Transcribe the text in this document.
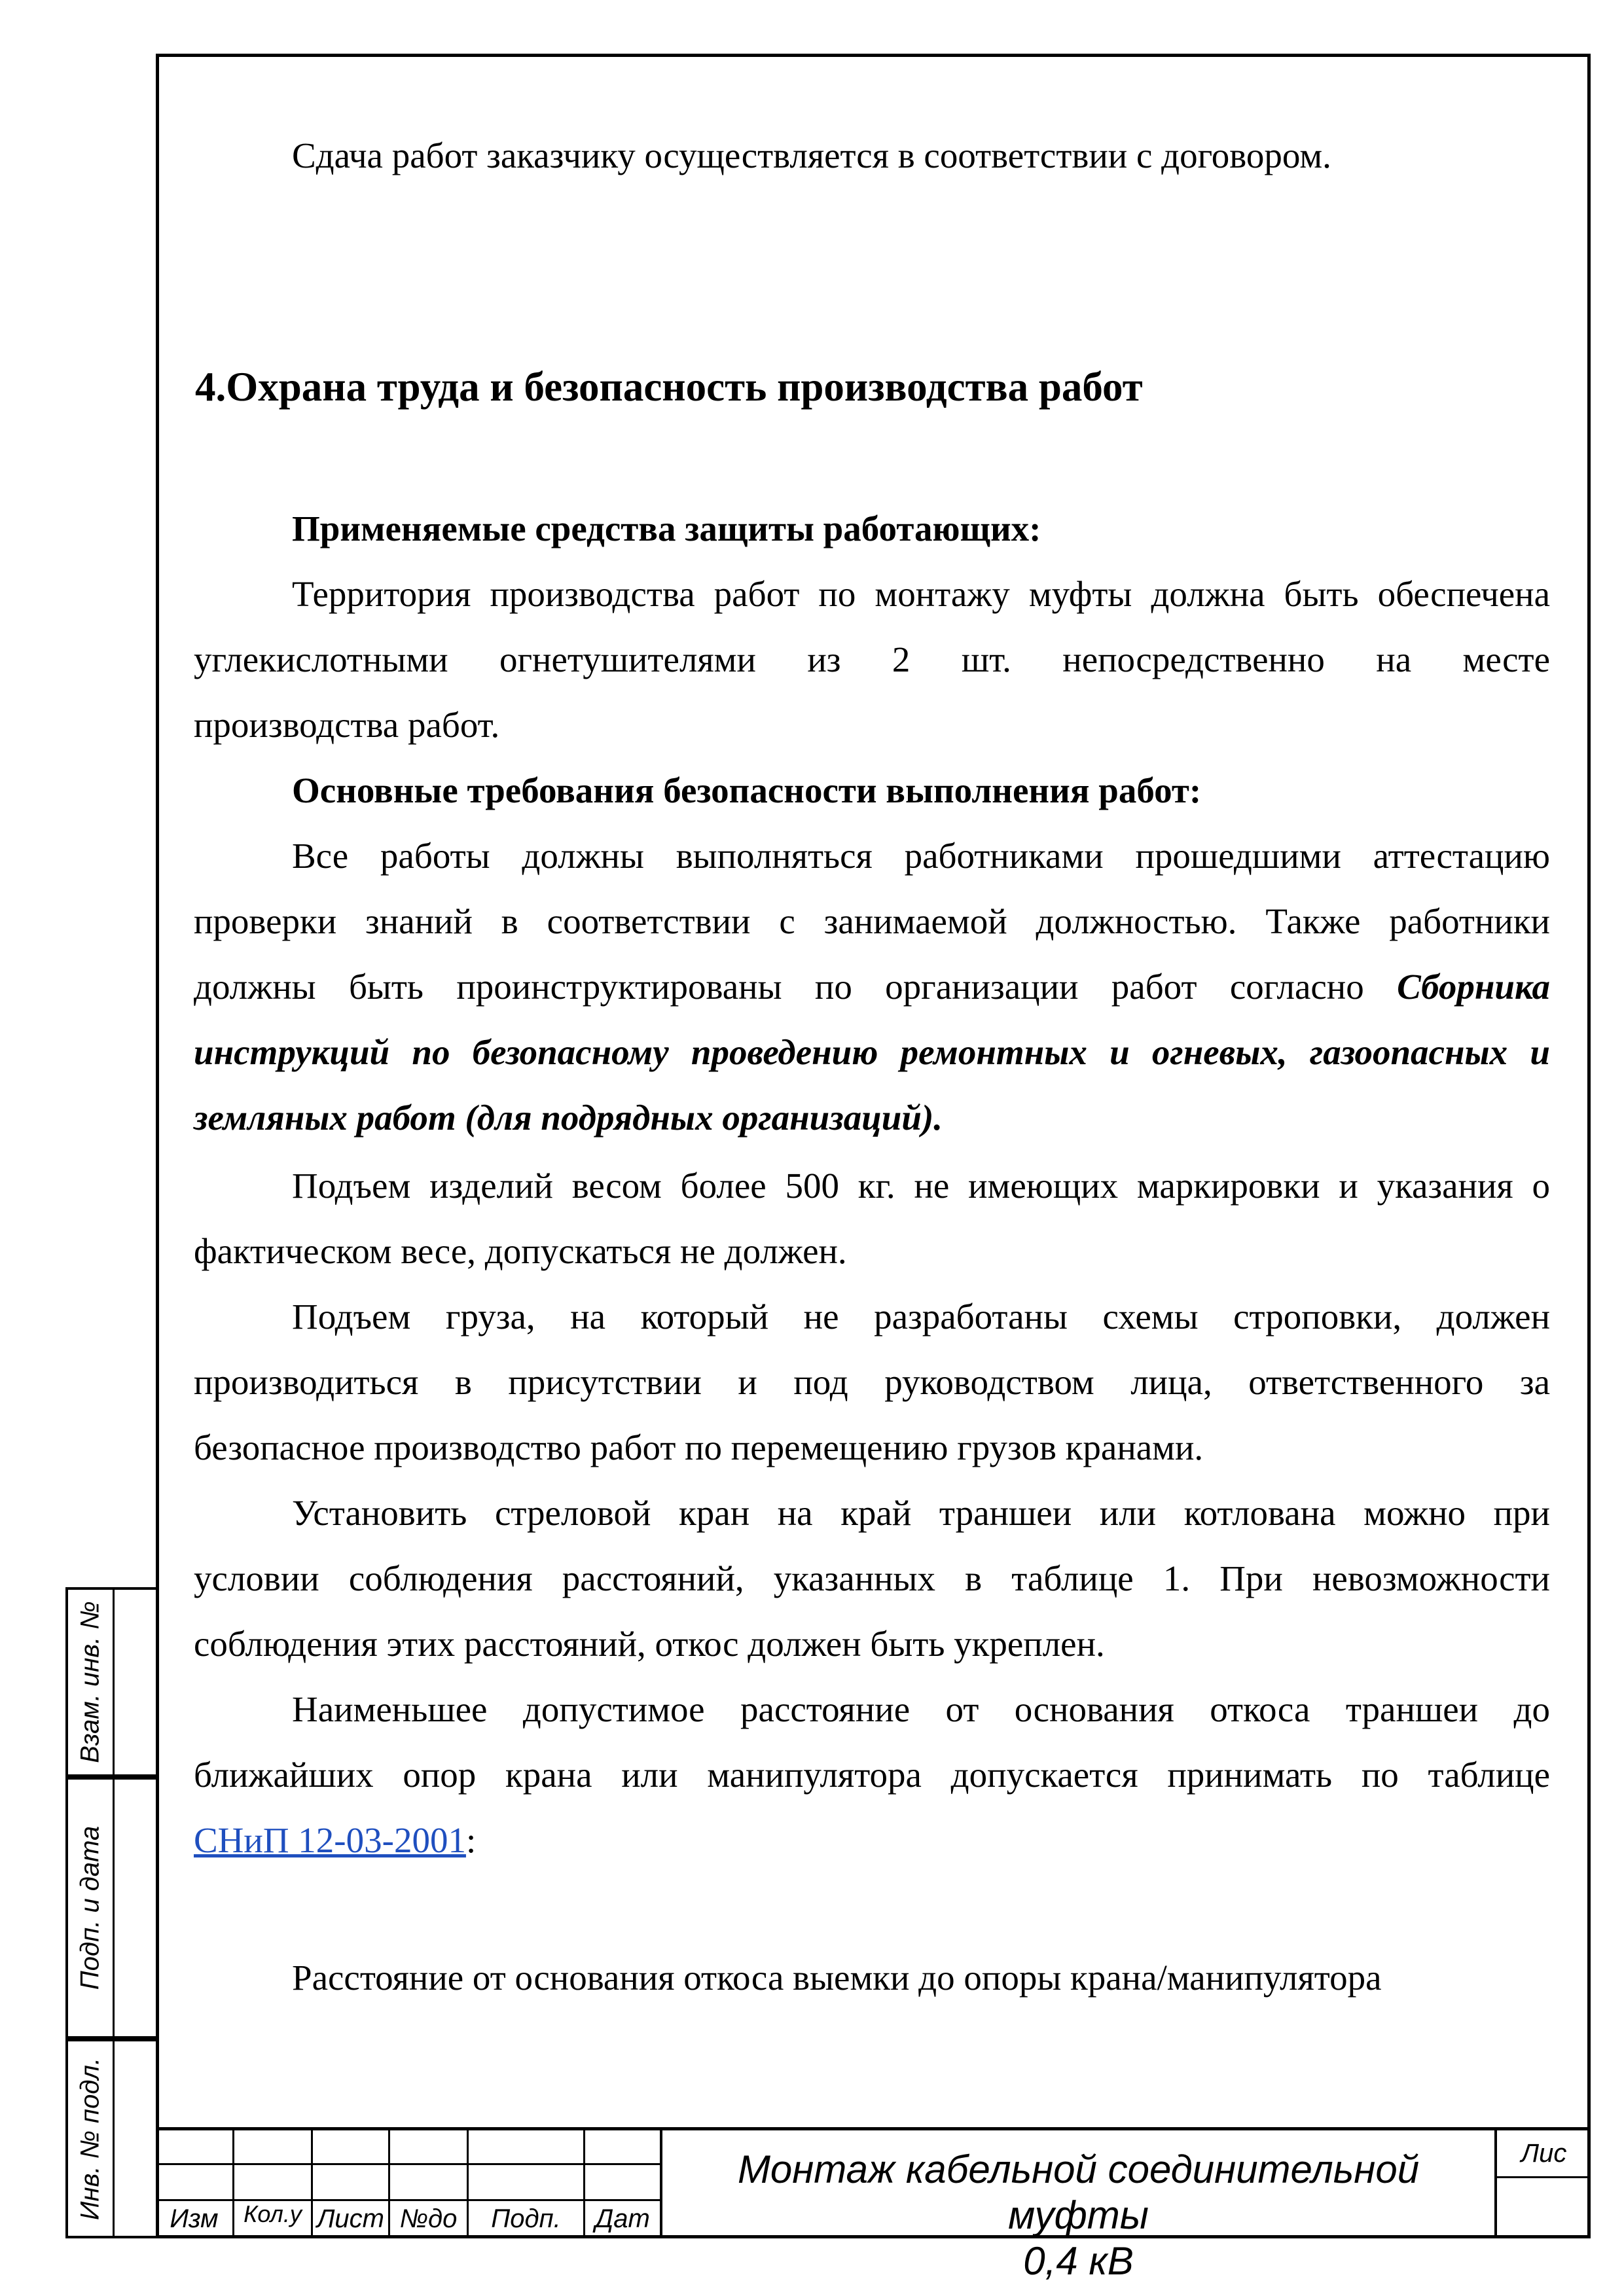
Взам. инв. №
Подп. и дата
Инв. № подл.

Сдача работ заказчику осуществляется в соответствии с договором.

4.Охрана труда и безопасность производства работ

Применяемые средства защиты работающих:

Территория производства работ по монтажу муфты должна быть обеспечена

углекислотными огнетушителями из 2 шт. непосредственно на месте

производства работ.

Основные требования безопасности выполнения работ:

Все работы должны выполняться работниками прошедшими аттестацию

проверки знаний в соответствии с занимаемой должностью. Также работники

должны быть проинструктированы по организации работ согласно Сборника

инструкций по безопасному проведению ремонтных и огневых, газоопасных и

земляных работ (для подрядных организаций).

Подъем изделий весом более 500 кг. не имеющих маркировки и указания о

фактическом весе, допускаться не должен.

Подъем груза, на который не разработаны схемы строповки, должен

производиться в присутствии и под руководством лица, ответственного за

безопасное производство работ по перемещению грузов кранами.

Установить стреловой кран на край траншеи или котлована можно при

условии соблюдения расстояний, указанных в таблице 1. При невозможности

соблюдения этих расстояний, откос должен быть укреплен.

Наименьшее допустимое расстояние от основания откоса траншеи до

ближайших опор крана или манипулятора допускается принимать по таблице

СНиП 12-03-2001:

Расстояние от основания откоса выемки до опоры крана/манипулятора

Изм	Кол.у Лист №до	Подп.	Дат
Монтаж кабельной соединительной муфты
0,4 кВ
Лис
